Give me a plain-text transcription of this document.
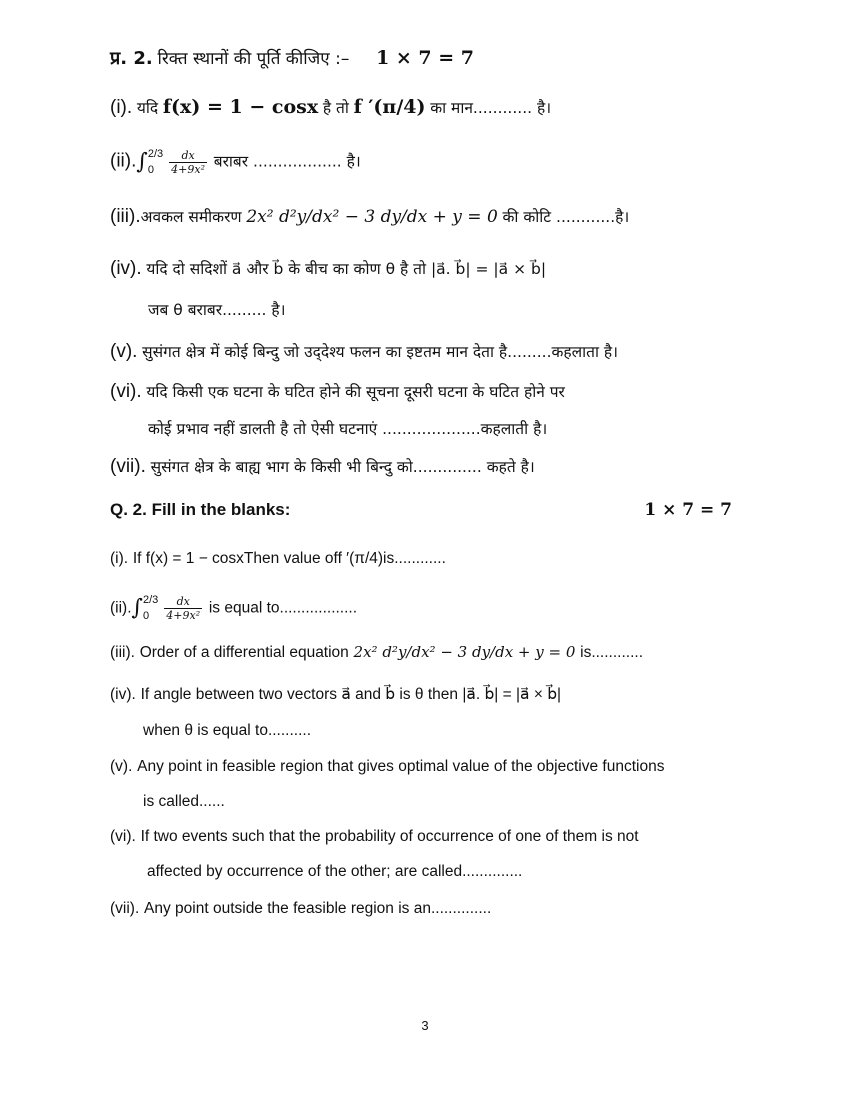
प्र. 2. रिक्त स्थानों की पूर्ति कीजिए :– 1 × 7 = 7
(i). यदि f(x) = 1 − cosx है तो f ′(π/4) का मान............ है।
(ii).∫ 2/3
0	$\frac{dx}{\text{4+9x²}}$ बराबर .................. है।
(iii).अवकल समीकरण 2x² d²y/dx² − 3 dy/dx + y = 0 की कोटि ............है।
(iv). यदि दो सदिशों a⃗ और b⃗ के बीच का कोण θ है तो |a⃗. b⃗| = |a⃗ × b⃗|
जब θ बराबर......... है।
(v). सुसंगत क्षेत्र में कोई बिन्दु जो उद्‌देश्य फलन का इष्टतम मान देता है.........कहलाता है।
(vi). यदि किसी एक घटना के घटित होने की सूचना दूसरी घटना के घटित होने पर
कोई प्रभाव नहीं डालती है तो ऐसी घटनाएं ....................कहलाती है।
(vii). सुसंगत क्षेत्र के बाह्य भाग के किसी भी बिन्दु को.............. कहते है।
Q. 2. Fill in the blanks:	1 × 7 = 7
(i). If f(x) = 1 − cosxThen value off ′(π/4)is............
(ii).∫ 2/3
0	$\frac{dx}{\text{4+9x²}}$ is equal to..................
(iii). Order of a differential equation 2x² d²y/dx² − 3 dy/dx + y = 0 is............
(iv). If angle between two vectors a⃗ and b⃗ is θ then |a⃗. b⃗| = |a⃗ × b⃗|
when θ is equal to..........
(v). Any point in feasible region that gives optimal value of the objective functions
is called......
(vi). If two events such that the probability of occurrence of one of them is not
affected by occurrence of the other; are called..............
(vii). Any point outside the feasible region is an..............
3
